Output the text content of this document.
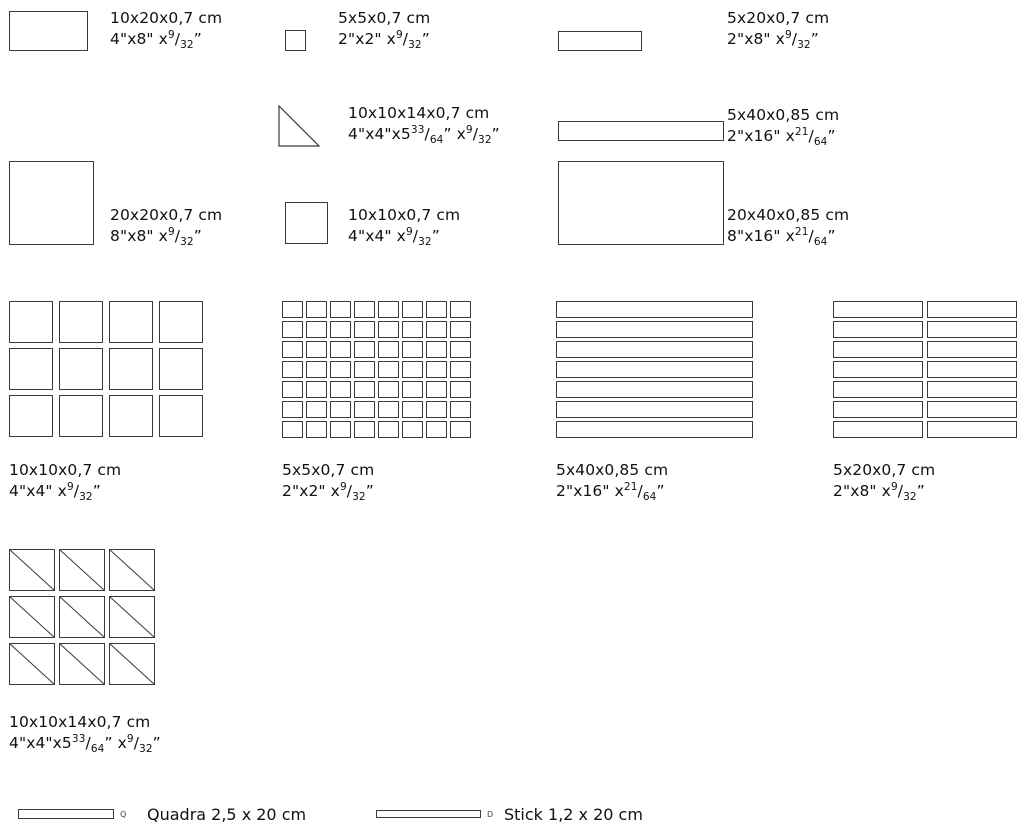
10x20x0,7 cm
4"x8" $x^9/_{32}$”
5x5x0,7 cm
2"x2" $x^9/_{32}$”
5x20x0,7 cm
2"x8" $x^9/_{32}$”
10x10x14x0,7 cm
$4"x4"x5^{33}/_{64}$” $x^9/_{32}$”
5x40x0,85 cm
2"x16" $x^{21}/_{64}$”
20x20x0,7 cm
8"x8" $x^9/_{32}$”
10x10x0,7 cm
4"x4" $x^9/_{32}$”
20x40x0,85 cm
8"x16" $x^{21}/_{64}$”
10x10x0,7 cm
4"x4" $x^9/_{32}$”
5x5x0,7 cm
2"x2" $x^9/_{32}$”
5x40x0,85 cm
2"x16" $x^{21}/_{64}$”
5x20x0,7 cm
2"x8" $x^9/_{32}$”
10x10x14x0,7 cm
$4"x4"x5^{33}/_{64}$” $x^9/_{32}$”
Q Quadra 2,5 x 20 cm	D Stick 1,2 x 20 cm
